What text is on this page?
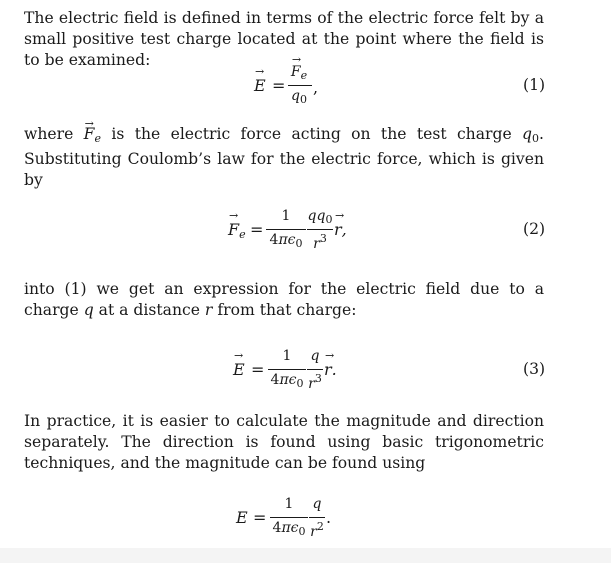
The electric field is defined in terms of the electric force felt by a small positive test charge located at the point where the field is to be examined:
→ E =
→ $F_e$
$q_0$
,	(1)
where → $F_e$ is the electric force acting on the test charge $q_0$. Substituting Coulomb’s law for the electric force, which is given by
→ $F_e$ =
1
$4\pi\epsilon_0$
$qq_0$
$r^3$
→ r,	(2)
into (1) we get an expression for the electric field due to a charge q at a distance r from that charge:
→ E =
1
$4\pi\epsilon_0$
q
$r^3$
→ r.	(3)
In practice, it is easier to calculate the magnitude and direction separately. The direction is found using basic trigonometric techniques, and the magnitude can be found using
E =
1
$4\pi\epsilon_0$
q
$r^2$ .
